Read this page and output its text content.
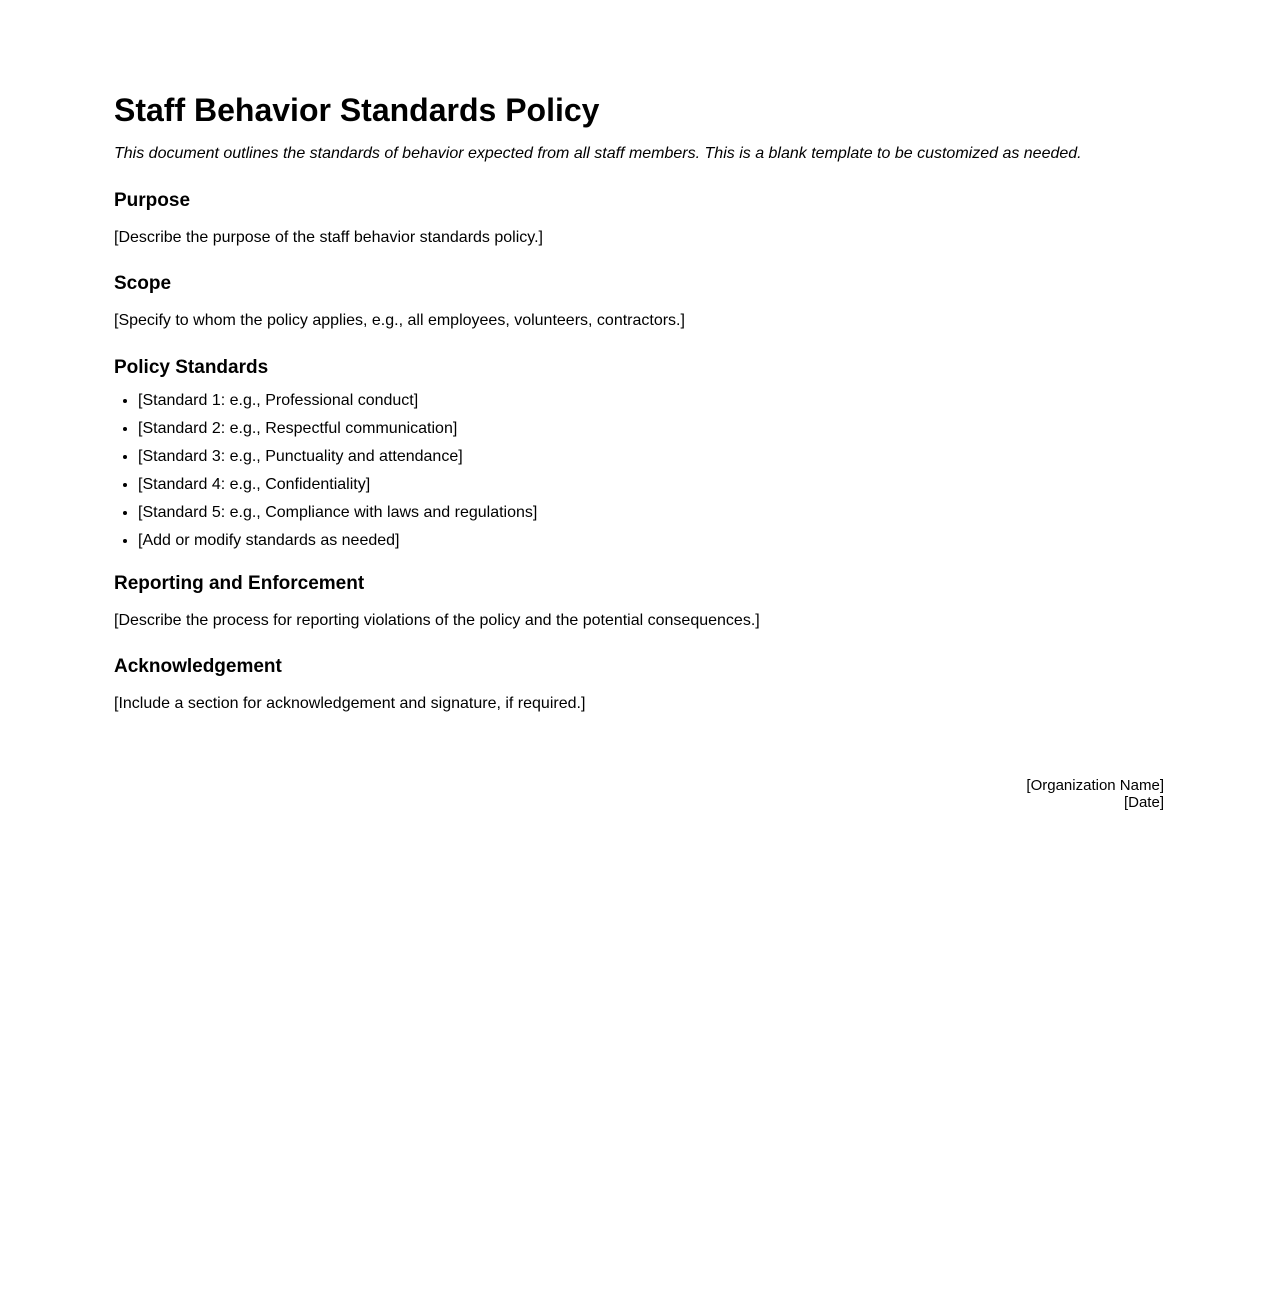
Staff Behavior Standards Policy

This document outlines the standards of behavior expected from all staff members. This is a blank template to be customized as needed.

Purpose

[Describe the purpose of the staff behavior standards policy.]

Scope

[Specify to whom the policy applies, e.g., all employees, volunteers, contractors.]

Policy Standards
• [Standard 1: e.g., Professional conduct]
• [Standard 2: e.g., Respectful communication]
• [Standard 3: e.g., Punctuality and attendance]
• [Standard 4: e.g., Confidentiality]
• [Standard 5: e.g., Compliance with laws and regulations]
• [Add or modify standards as needed]
Reporting and Enforcement

[Describe the process for reporting violations of the policy and the potential consequences.]

Acknowledgement

[Include a section for acknowledgement and signature, if required.]

[Organization Name]
[Date]
